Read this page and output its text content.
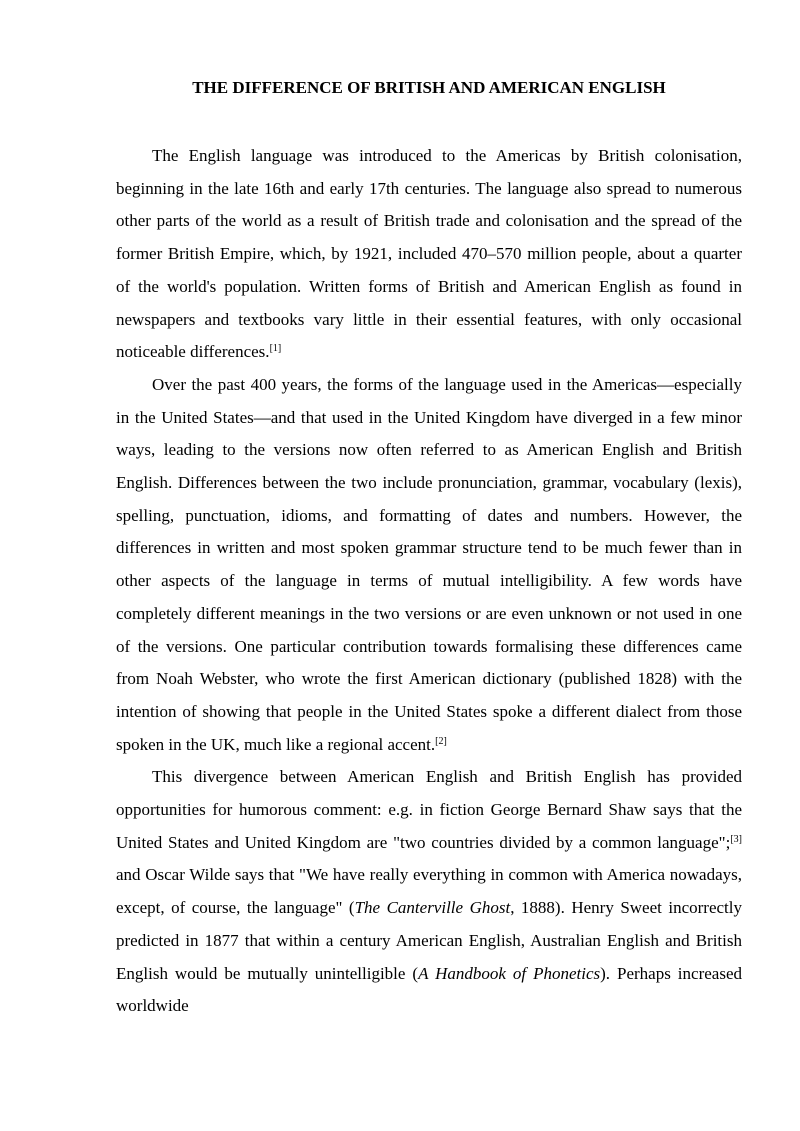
THE DIFFERENCE OF BRITISH AND AMERICAN ENGLISH

The English language was introduced to the Americas by British colonisation, beginning in the late 16th and early 17th centuries. The language also spread to numerous other parts of the world as a result of British trade and colonisation and the spread of the former British Empire, which, by 1921, included 470–570 million people, about a quarter of the world's population. Written forms of British and American English as found in newspapers and textbooks vary little in their essential features, with only occasional noticeable differences.[1]

Over the past 400 years, the forms of the language used in the Americas—especially in the United States—and that used in the United Kingdom have diverged in a few minor ways, leading to the versions now often referred to as American English and British English. Differences between the two include pronunciation, grammar, vocabulary (lexis), spelling, punctuation, idioms, and formatting of dates and numbers. However, the differences in written and most spoken grammar structure tend to be much fewer than in other aspects of the language in terms of mutual intelligibility. A few words have completely different meanings in the two versions or are even unknown or not used in one of the versions. One particular contribution towards formalising these differences came from Noah Webster, who wrote the first American dictionary (published 1828) with the intention of showing that people in the United States spoke a different dialect from those spoken in the UK, much like a regional accent.[2]

This divergence between American English and British English has provided opportunities for humorous comment: e.g. in fiction George Bernard Shaw says that the United States and United Kingdom are "two countries divided by a common language";[3] and Oscar Wilde says that "We have really everything in common with America nowadays, except, of course, the language" (The Canterville Ghost, 1888). Henry Sweet incorrectly predicted in 1877 that within a century American English, Australian English and British English would be mutually unintelligible (A Handbook of Phonetics). Perhaps increased worldwide
